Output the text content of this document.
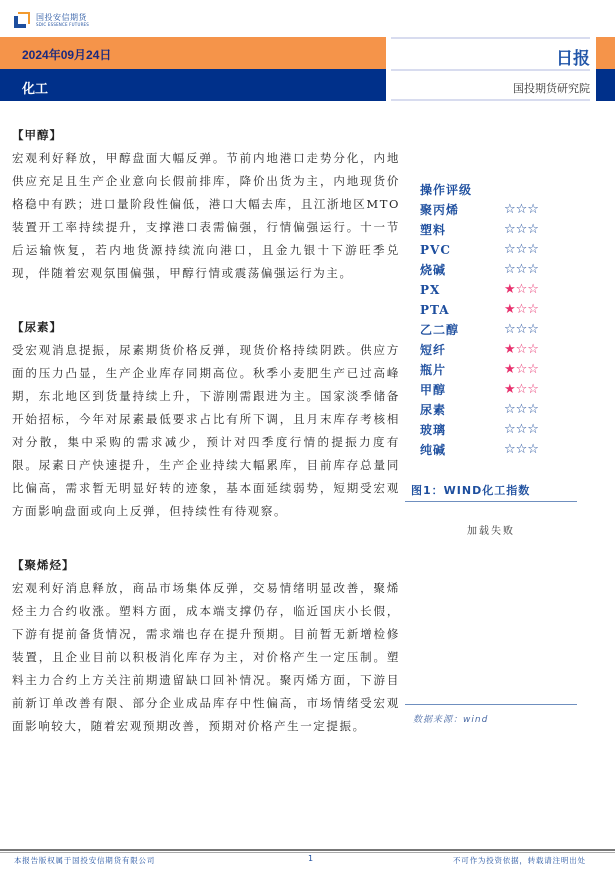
国投安信期货
SDIC ESSENCE FUTURES
2024年09月24日
化工
日报
国投期货研究院
【甲醇】
宏观利好释放，甲醇盘面大幅反弹。节前内地港口走势分化，内地供应充足且生产企业意向长假前排库，降价出货为主，内地现货价格稳中有跌；进口量阶段性偏低，港口大幅去库，且江浙地区MTO装置开工率持续提升，支撑港口表需偏强，行情偏强运行。十一节后运输恢复，若内地货源持续流向港口，且金九银十下游旺季兑现，伴随着宏观氛围偏强，甲醇行情或震荡偏强运行为主。
【尿素】
受宏观消息提振，尿素期货价格反弹，现货价格持续阴跌。供应方面的压力凸显，生产企业库存同期高位。秋季小麦肥生产已过高峰期，东北地区到货量持续上升，下游刚需跟进为主。国家淡季储备开始招标，今年对尿素最低要求占比有所下调，且月末库存考核相对分散，集中采购的需求减少，预计对四季度行情的提振力度有限。尿素日产快速提升，生产企业持续大幅累库，目前库存总量同比偏高，需求暂无明显好转的迹象，基本面延续弱势，短期受宏观方面影响盘面或向上反弹，但持续性有待观察。
【聚烯烃】
宏观利好消息释放，商品市场集体反弹，交易情绪明显改善，聚烯烃主力合约收涨。塑料方面，成本端支撑仍存，临近国庆小长假，下游有提前备货情况，需求端也存在提升预期。目前暂无新增检修装置，且企业目前以积极消化库存为主，对价格产生一定压制。塑料主力合约上方关注前期遗留缺口回补情况。聚丙烯方面，下游目前新订单改善有限、部分企业成品库存中性偏高，市场情绪受宏观面影响较大，随着宏观预期改善，预期对价格产生一定提振。
操作评级
聚丙烯	☆☆☆
塑料	☆☆☆
PVC	☆☆☆
烧碱	☆☆☆
PX	★☆☆
PTA	★☆☆
乙二醇	☆☆☆
短纤	★☆☆
瓶片	★☆☆
甲醇	★☆☆
尿素	☆☆☆
玻璃	☆☆☆
纯碱	☆☆☆
图1：WIND化工指数
加载失败
数据来源：wind
本报告版权属于国投安信期货有限公司	1	不可作为投资依据，转载请注明出处
